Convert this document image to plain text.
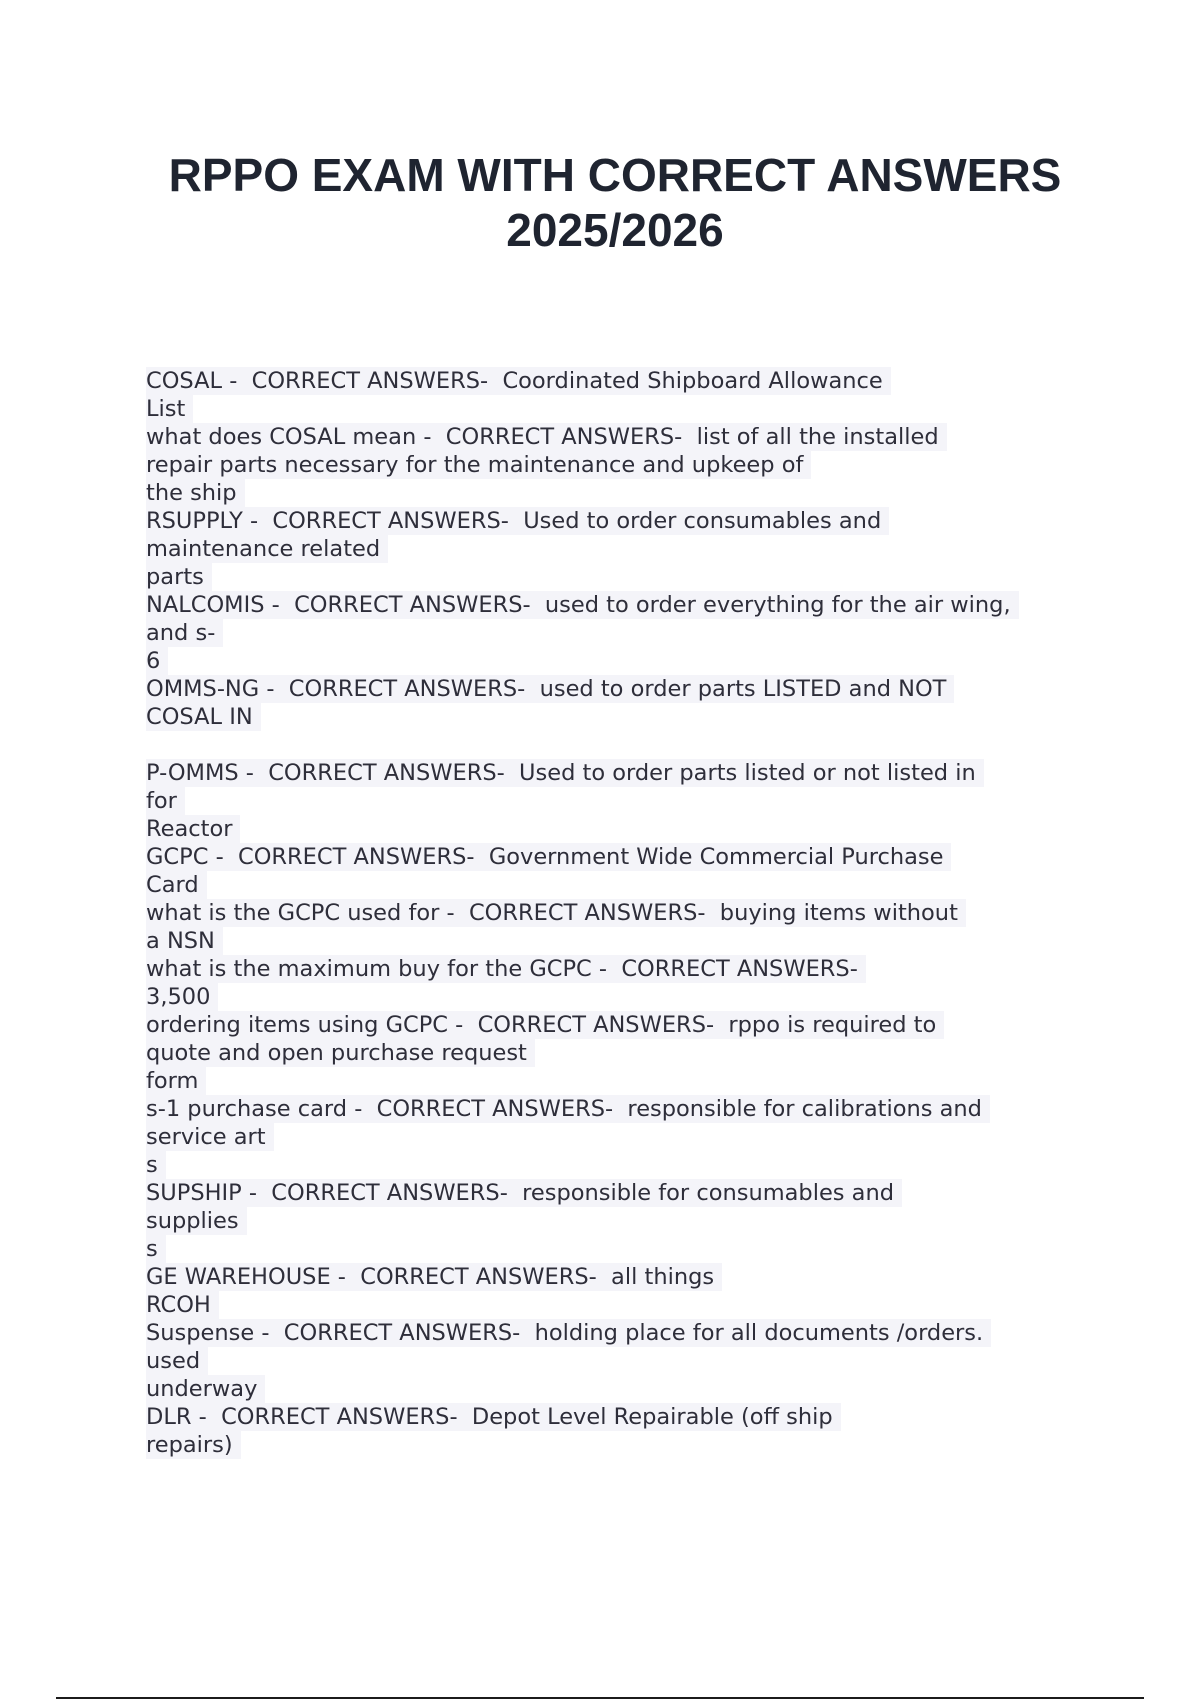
RPPO EXAM WITH CORRECT ANSWERS
2025/2026
COSAL -  CORRECT ANSWERS-  Coordinated Shipboard Allowance
List
what does COSAL mean -  CORRECT ANSWERS-  list of all the installed
repair parts necessary for the maintenance and upkeep of
the ship
RSUPPLY -  CORRECT ANSWERS-  Used to order consumables and
maintenance related
parts
NALCOMIS -  CORRECT ANSWERS-  used to order everything for the air wing,
and s-
6
OMMS-NG -  CORRECT ANSWERS-  used to order parts LISTED and NOT
COSAL IN
P-OMMS -  CORRECT ANSWERS-  Used to order parts listed or not listed in
for
Reactor
GCPC -  CORRECT ANSWERS-  Government Wide Commercial Purchase
Card
what is the GCPC used for -  CORRECT ANSWERS-  buying items without
a NSN
what is the maximum buy for the GCPC -  CORRECT ANSWERS-
3,500
ordering items using GCPC -  CORRECT ANSWERS-  rppo is required to
quote and open purchase request
form
s-1 purchase card -  CORRECT ANSWERS-  responsible for calibrations and
service art
s
SUPSHIP -  CORRECT ANSWERS-  responsible for consumables and
supplies
s
GE WAREHOUSE -  CORRECT ANSWERS-  all things
RCOH
Suspense -  CORRECT ANSWERS-  holding place for all documents /orders.
used
underway
DLR -  CORRECT ANSWERS-  Depot Level Repairable (off ship
repairs)
